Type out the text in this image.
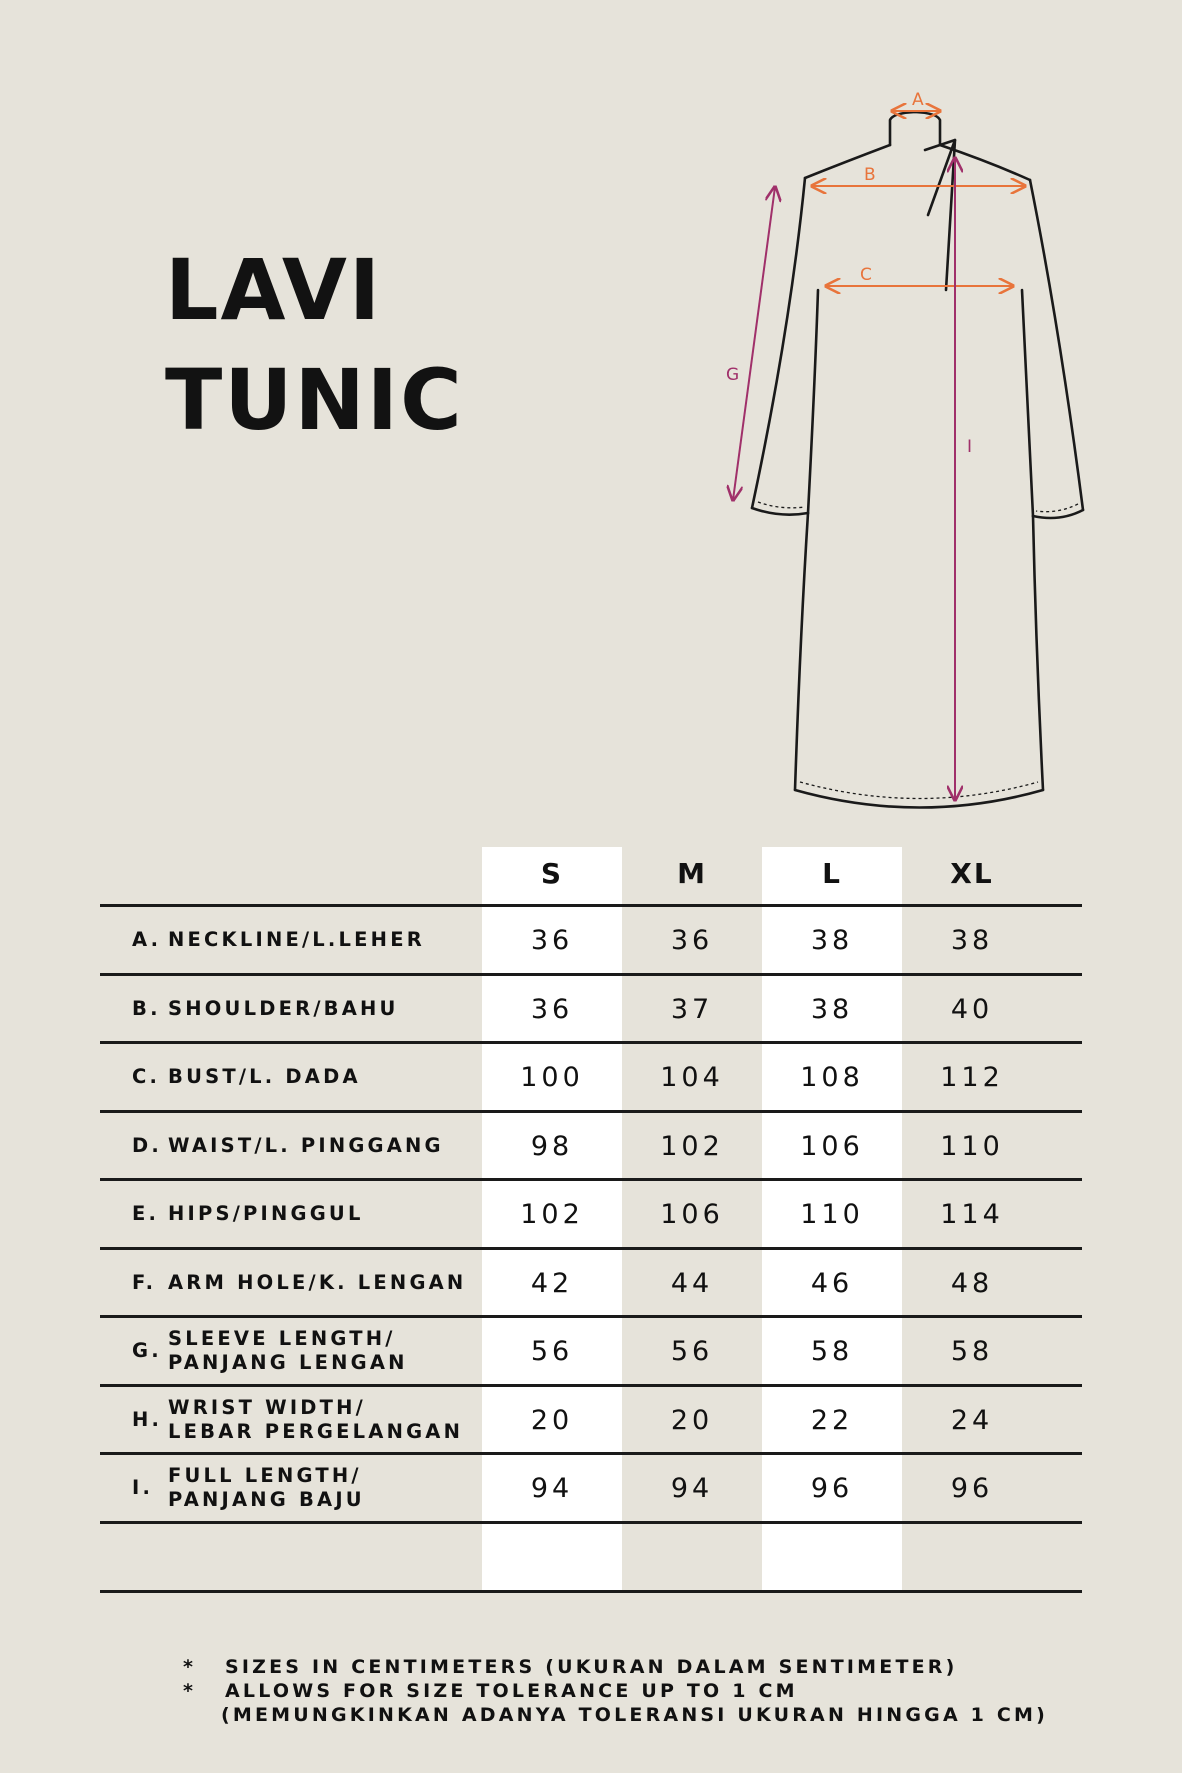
LAVI
TUNIC
A
B
C
G
I
S	M	L	XL
A. NECKLINE/L.LEHER	36	36	38	38
B. SHOULDER/BAHU	36	37	38	40
C. BUST/L. DADA	100	104	108	112
D. WAIST/L. PINGGANG	98	102	106	110
E. HIPS/PINGGUL	102	106	110	114
F. ARM HOLE/K. LENGAN	42	44	46	48
G.
SLEEVE LENGTH/
PANJANG LENGAN	56	56	58	58
H.
WRIST WIDTH/
LEBAR PERGELANGAN	20	20	22	24
I.
FULL LENGTH/
PANJANG BAJU	94	94	96	96
*	SIZES IN CENTIMETERS (UKURAN DALAM SENTIMETER)
*	ALLOWS FOR SIZE TOLERANCE UP TO 1 CM
(MEMUNGKINKAN ADANYA TOLERANSI UKURAN HINGGA 1 CM)
